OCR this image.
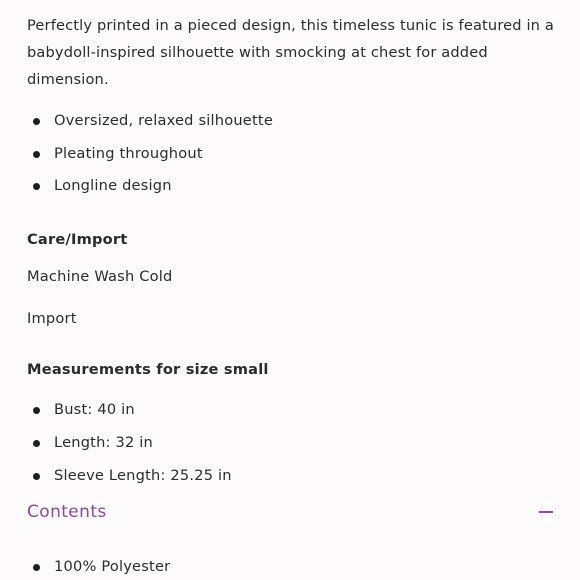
Perfectly printed in a pieced design, this timeless tunic is featured in a babydoll-inspired silhouette with smocking at chest for added dimension.

Oversized, relaxed silhouette
Pleating throughout
Longline design
Care/Import

Machine Wash Cold

Import

Measurements for size small
Bust: 40 in
Length: 32 in
Sleeve Length: 25.25 in
Contents
100% Polyester
